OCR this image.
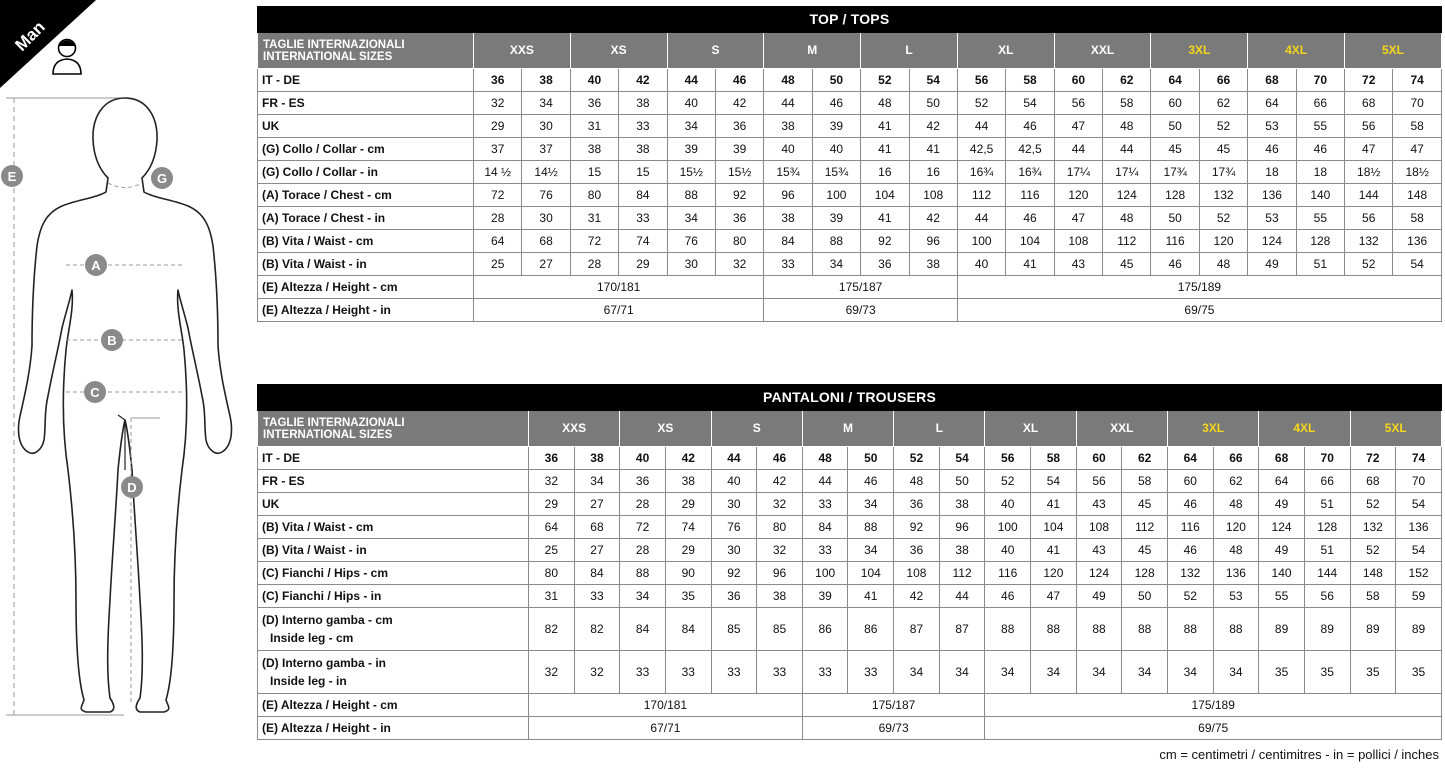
Man
E	G
A
B
C
D
TOP / TOPS																				

TAGLIE INTERNAZIONALI
INTERNATIONAL SIZES	XXS		XS		S		M		L		XL		XXL		3XL		4XL		5XL	

IT - DE	36	38	40	42	44	46	48	50	52	54	56	58	60	62	64	66	68	70	72	74

FR - ES	32	34	36	38	40	42	44	46	48	50	52	54	56	58	60	62	64	66	68	70

UK	29	30	31	33	34	36	38	39	41	42	44	46	47	48	50	52	53	55	56	58

(G) Collo / Collar - cm	37	37	38	38	39	39	40	40	41	41	42,5	42,5	44	44	45	45	46	46	47	47

(G) Collo / Collar - in	14 ½	14½	15	15	15½	15½	15¾	15¾	16	16	16¾	16¾	17¼	17¼	17¾	17¾	18	18	18½	18½

(A) Torace / Chest - cm	72	76	80	84	88	92	96	100	104	108	112	116	120	124	128	132	136	140	144	148

(A) Torace / Chest - in	28	30	31	33	34	36	38	39	41	42	44	46	47	48	50	52	53	55	56	58

(B) Vita / Waist - cm	64	68	72	74	76	80	84	88	92	96	100	104	108	112	116	120	124	128	132	136

(B) Vita / Waist - in	25	27	28	29	30	32	33	34	36	38	40	41	43	45	46	48	49	51	52	54

(E) Altezza / Height - cm	170/181						175/187				175/189									

(E) Altezza / Height - in	67/71						69/73				69/75									
PANTALONI / TROUSERS																				

TAGLIE INTERNAZIONALI
INTERNATIONAL SIZES	XXS		XS		S		M		L		XL		XXL		3XL		4XL		5XL	

IT - DE	36	38	40	42	44	46	48	50	52	54	56	58	60	62	64	66	68	70	72	74

FR - ES	32	34	36	38	40	42	44	46	48	50	52	54	56	58	60	62	64	66	68	70

UK	29	27	28	29	30	32	33	34	36	38	40	41	43	45	46	48	49	51	52	54

(B) Vita / Waist - cm	64	68	72	74	76	80	84	88	92	96	100	104	108	112	116	120	124	128	132	136

(B) Vita / Waist - in	25	27	28	29	30	32	33	34	36	38	40	41	43	45	46	48	49	51	52	54

(C) Fianchi / Hips - cm	80	84	88	90	92	96	100	104	108	112	116	120	124	128	132	136	140	144	148	152

(C) Fianchi / Hips - in	31	33	34	35	36	38	39	41	42	44	46	47	49	50	52	53	55	56	58	59

(D) Interno gamba - cm
Inside leg - cm	82	82	84	84	85	85	86	86	87	87	88	88	88	88	88	88	89	89	89	89

(D) Interno gamba - in
Inside leg - in	32	32	33	33	33	33	33	33	34	34	34	34	34	34	34	34	35	35	35	35

(E) Altezza / Height - cm	170/181						175/187				175/189									

(E) Altezza / Height - in	67/71						69/73				69/75									
cm = centimetri / centimitres - in = pollici / inches
